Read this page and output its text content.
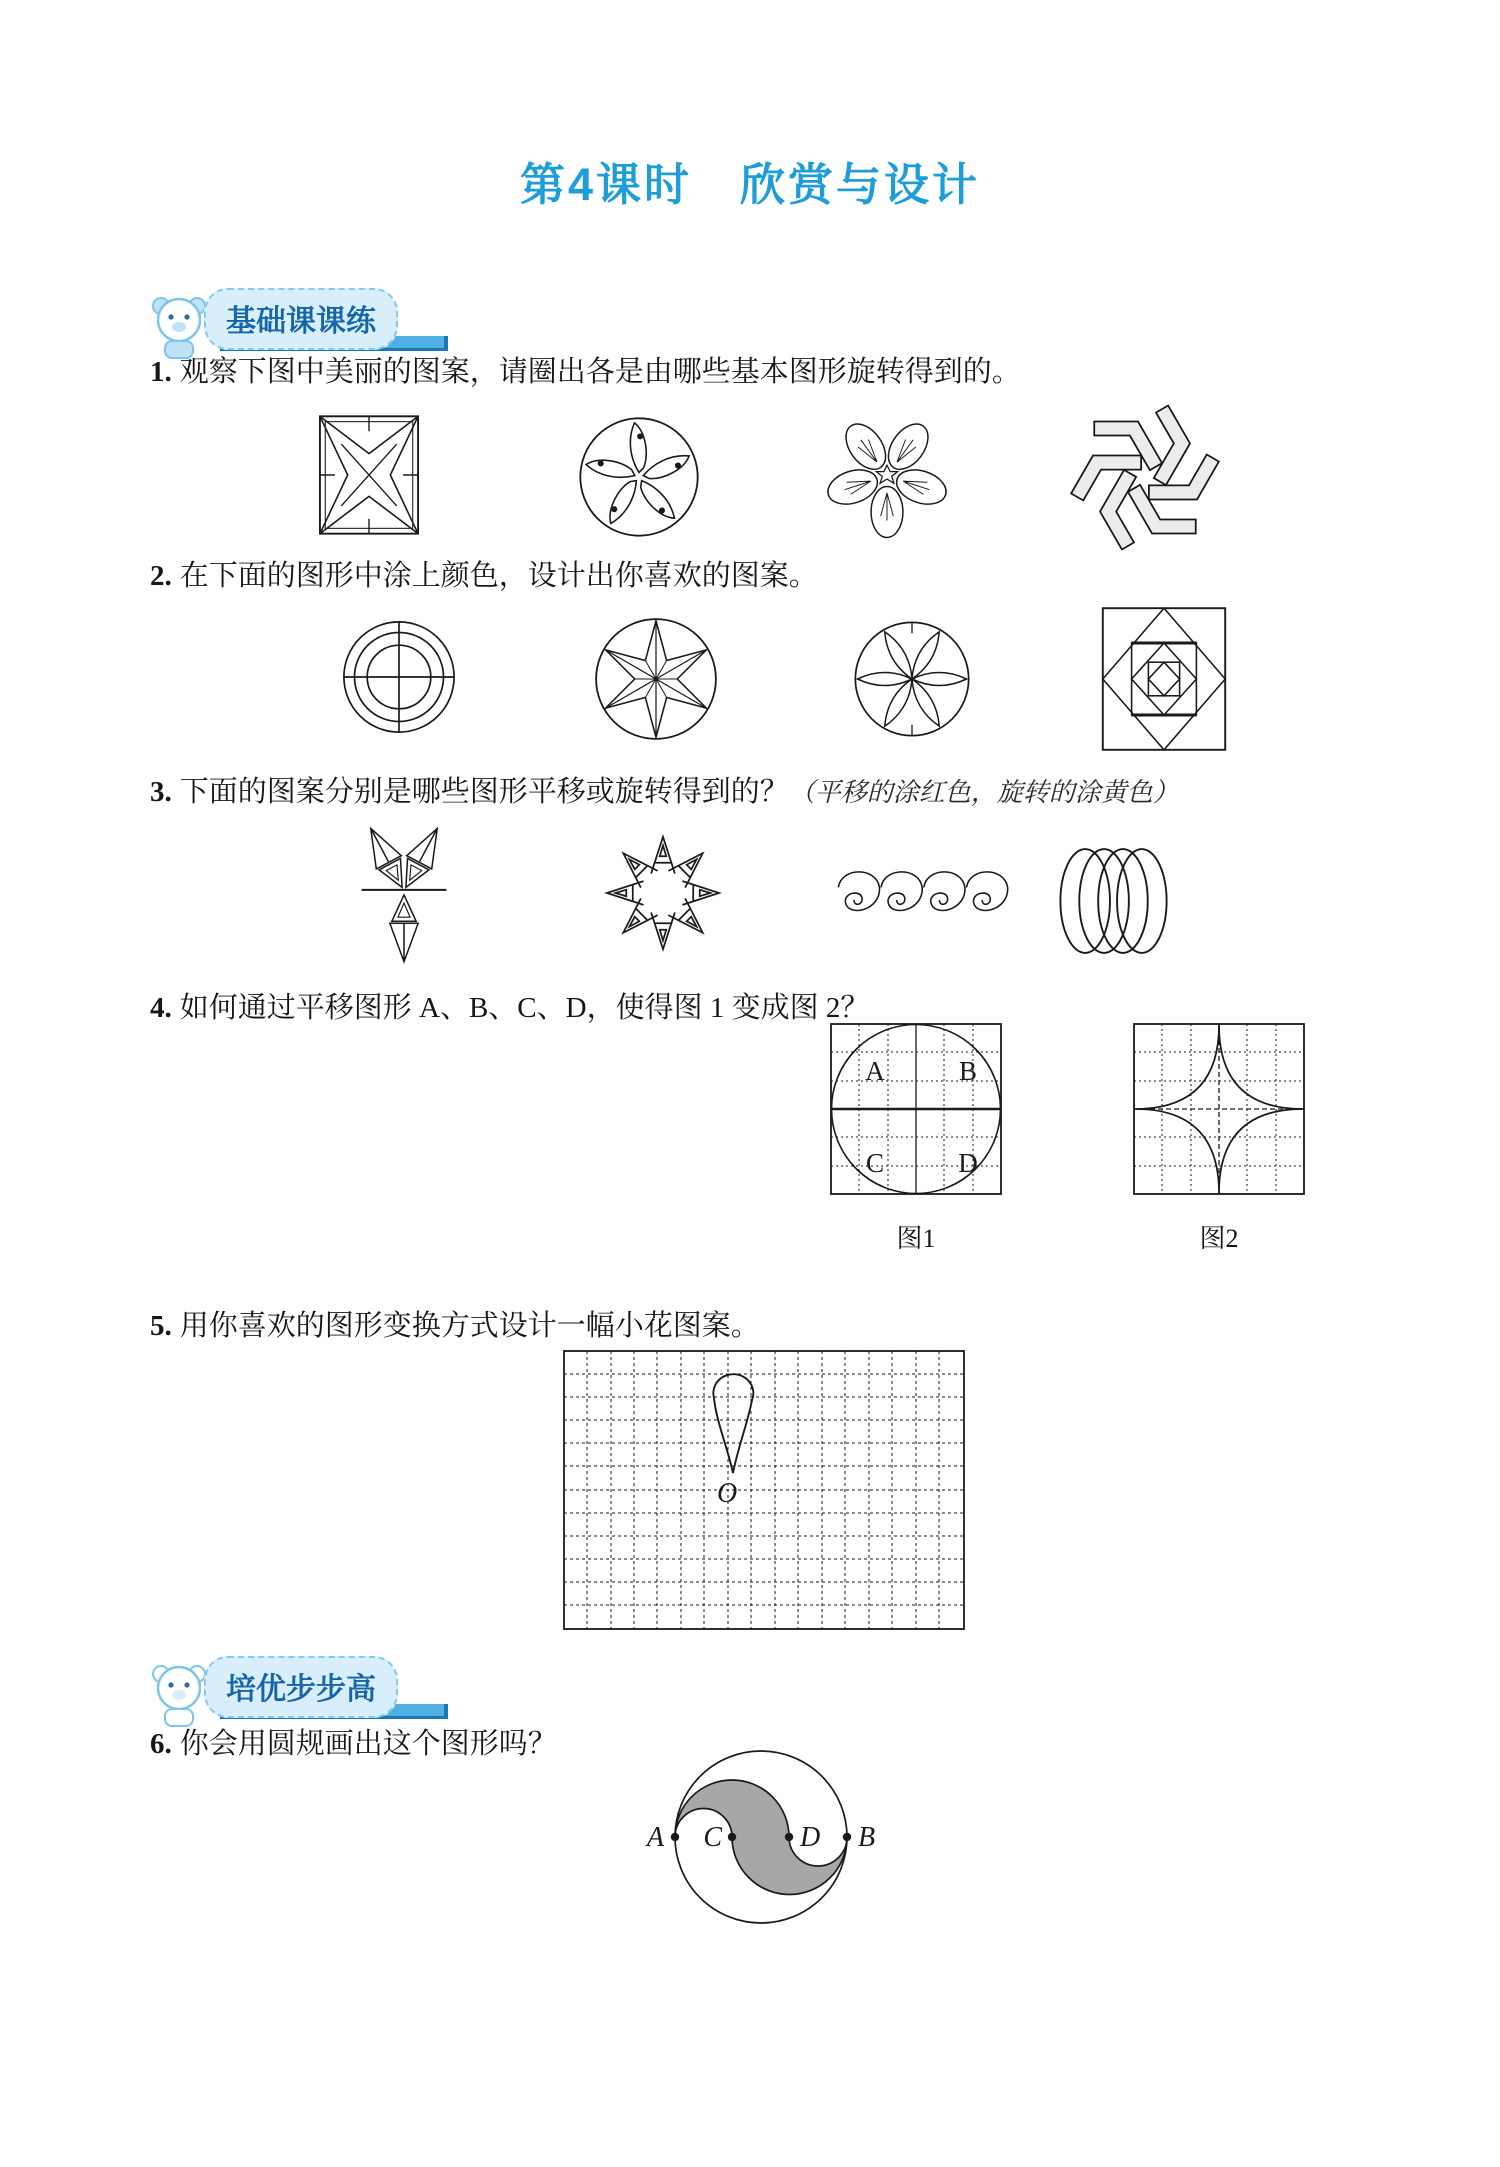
第4课时　欣赏与设计
基础课课练
1. 观察下图中美丽的图案，请圈出各是由哪些基本图形旋转得到的。
2. 在下面的图形中涂上颜色，设计出你喜欢的图案。
3. 下面的图案分别是哪些图形平移或旋转得到的？（平移的涂红色，旋转的涂黄色）
4. 如何通过平移图形 A、B、C、D，使得图 1 变成图 2？
A	B
C	D
图1	图2
5. 用你喜欢的图形变换方式设计一幅小花图案。
O
培优步步高
6. 你会用圆规画出这个图形吗？
A C	D B
